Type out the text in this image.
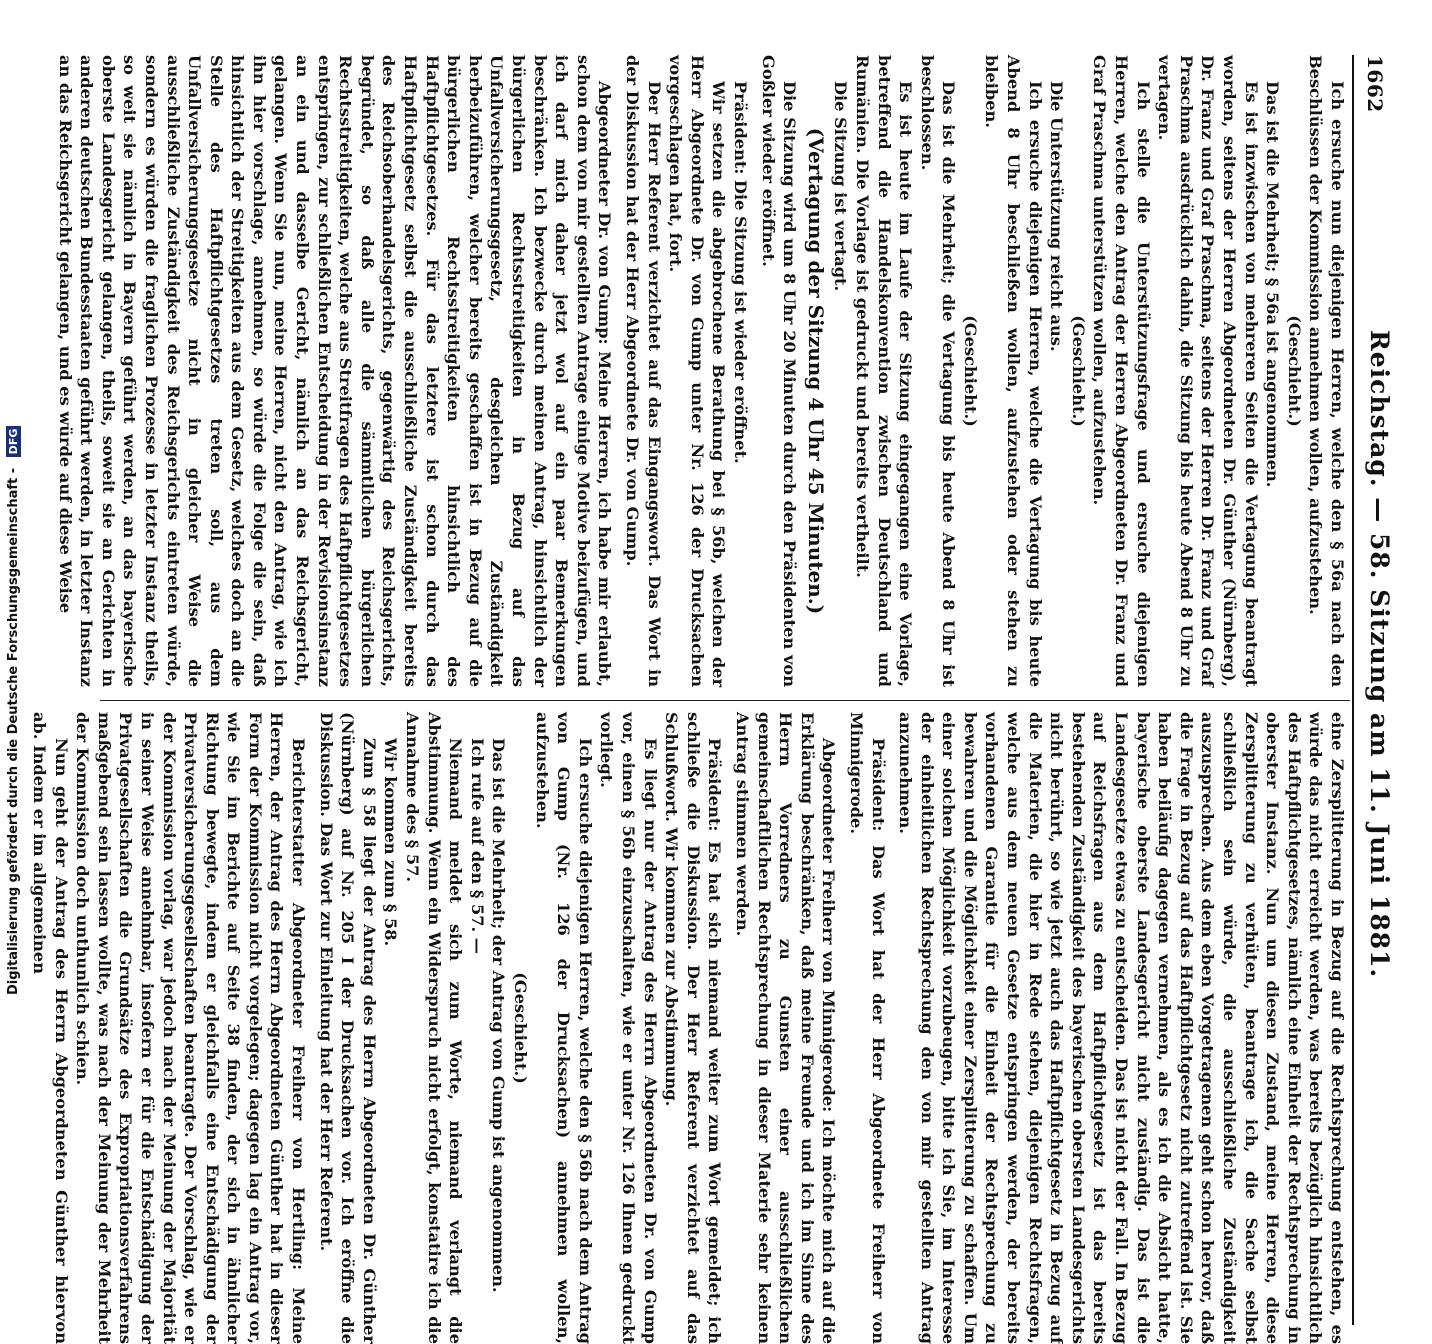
1662
Reichstag. — 58. Sitzung am 11. Juni 1881.

Ich ersuche nun diejenigen Herren, welche den § 56a nach den Beschlüssen der Kommission annehmen wollen, aufzustehen.

(Geschieht.)

Das ist die Mehrheit; § 56a ist angenommen.

Es ist inzwischen von mehreren Seiten die Vertagung beantragt worden, seitens der Herren Abgeordneten Dr. Günther (Nürnberg), Dr. Franz und Graf Praschma, seitens der Herren Dr. Franz und Graf Praschma ausdrücklich dahin, die Sitzung bis heute Abend 8 Uhr zu vertagen.

Ich stelle die Unterstützungsfrage und ersuche diejenigen Herren, welche den Antrag der Herren Abgeordneten Dr. Franz und Graf Praschma unterstützen wollen, aufzustehen.

(Geschieht.)

Die Unterstützung reicht aus.

Ich ersuche diejenigen Herren, welche die Vertagung bis heute Abend 8 Uhr beschließen wollen, aufzustehen oder stehen zu bleiben.

(Geschieht.)

Das ist die Mehrheit; die Vertagung bis heute Abend 8 Uhr ist beschlossen.

Es ist heute im Laufe der Sitzung eingegangen eine Vorlage, betreffend die Handelskonvention zwischen Deutschland und Rumänien. Die Vorlage ist gedruckt und bereits vertheilt.

Die Sitzung ist vertagt.

(Vertagung der Sitzung 4 Uhr 45 Minuten.)

Die Sitzung wird um 8 Uhr 20 Minuten durch den Präsidenten von Goßler wieder eröffnet.

Präsident: Die Sitzung ist wieder eröffnet.

Wir setzen die abgebrochene Berathung bei § 56b, welchen der Herr Abgeordnete Dr. von Gump unter Nr. 126 der Drucksachen vorgeschlagen hat, fort.

Der Herr Referent verzichtet auf das Eingangswort. Das Wort in der Diskussion hat der Herr Abgeordnete Dr. von Gump.

Abgeordneter Dr. von Gump: Meine Herren, ich habe mir erlaubt, schon dem von mir gestellten Antrage einige Motive beizufügen, und ich darf mich daher jetzt wol auf ein paar Bemerkungen beschränken. Ich bezwecke durch meinen Antrag, hinsichtlich der bürgerlichen Rechtsstreitigkeiten in Bezug auf das Unfallversicherungsgesetz, desgleichen Zuständigkeit herbeizuführen, welcher bereits geschaffen ist in Bezug auf die bürgerlichen Rechtsstreitigkeiten hinsichtlich des Haftpflichtgesetzes. Für das letztere ist schon durch das Haftpflichtgesetz selbst die ausschließliche Zuständigkeit bereits des Reichsoberhandelsgerichts, gegenwärtig des Reichsgerichts, begründet, so daß alle die sämmtlichen bürgerlichen Rechtsstreitigkeiten, welche aus Streitfragen des Haftpflichtgesetzes entspringen, zur schließlichen Entscheidung in der Revisionsinstanz an ein und dasselbe Gericht, nämlich an das Reichsgericht, gelangen. Wenn Sie nun, meine Herren, nicht den Antrag, wie ich ihn hier vorschlage, annehmen, so würde die Folge die sein, daß hinsichtlich der Streitigkeiten aus dem Gesetz, welches doch an die Stelle des Haftpflichtgesetzes treten soll, aus dem Unfallversicherungsgesetze nicht in gleicher Weise die ausschließliche Zuständigkeit des Reichsgerichts eintreten würde, sondern es würden die fraglichen Prozesse in letzter Instanz theils, so weit sie nämlich in Bayern geführt werden, an das bayerische oberste Landesgericht gelangen, theils, soweit sie an Gerichten in anderen deutschen Bundesstaaten geführt werden, in letzter Instanz an das Reichsgericht gelangen, und es würde auf diese Weise

eine Zersplitterung in Bezug auf die Rechtsprechung entstehen, es würde das nicht erreicht werden, was bereits bezüglich hinsichtlich des Haftpflichtgesetzes, nämlich eine Einheit der Rechtsprechung in oberster Instanz. Nun um diesen Zustand, meine Herren, diese Zersplitterung zu verhüten, beantrage ich, die Sache selbst schließlich sein würde, die ausschließliche Zuständigkeit auszusprechen. Aus dem eben Vorgetragenen geht schon hervor, daß die Frage in Bezug auf das Haftpflichtgesetz nicht zutreffend ist. Sie haben beiläufig dagegen vernehmen, als es ich die Absicht hatte, bayerische oberste Landesgericht nicht zuständig. Das ist die Landesgesetze etwas zu entscheiden. Das ist nicht der Fall. In Bezug auf Reichsfragen aus dem Haftpflichtgesetz ist das bereits bestehenden Zuständigkeit des bayerischen obersten Landesgerichts nicht berührt, so wie jetzt auch das Haftpflichtgesetz in Bezug auf die Materien, die hier in Rede stehen, diejenigen Rechtsfragen, welche aus dem neuen Gesetze entspringen werden, der bereits vorhandenen Garantie für die Einheit der Rechtsprechung zu bewahren und die Möglichkeit einer Zersplitterung zu schaffen. Um einer solchen Möglichkeit vorzubeugen, bitte ich Sie, im Interesse der einheitlichen Rechtsprechung den von mir gestellten Antrag anzunehmen.

Präsident: Das Wort hat der Herr Abgeordnete Freiherr von Minnigerode.

Abgeordneter Freiherr von Minnigerode: Ich möchte mich auf die Erklärung beschränken, daß meine Freunde und ich im Sinne des Herrn Vorredners zu Gunsten einer ausschließlichen gemeinschaftlichen Rechtsprechung in dieser Materie sehr keinen Antrag stimmen werden.

Präsident: Es hat sich niemand weiter zum Wort gemeldet; ich schließe die Diskussion. Der Herr Referent verzichtet auf das Schlußwort. Wir kommen zur Abstimmung.

Es liegt nur der Antrag des Herrn Abgeordneten Dr. von Gump vor, einen § 56b einzuschalten, wie er unter Nr. 126 Ihnen gedruckt vorliegt.

Ich ersuche diejenigen Herren, welche den § 56b nach dem Antrag von Gump (Nr. 126 der Drucksachen) annehmen wollen, aufzustehen.

(Geschieht.)

Das ist die Mehrheit; der Antrag von Gump ist angenommen.

Ich rufe auf den § 57. —

Niemand meldet sich zum Worte, niemand verlangt die Abstimmung. Wenn ein Widerspruch nicht erfolgt, konstatire ich die Annahme des § 57.

Wir kommen zum § 58.

Zum § 58 liegt der Antrag des Herrn Abgeordneten Dr. Günther (Nürnberg) auf Nr. 205 I der Drucksachen vor. Ich eröffne die Diskussion. Das Wort zur Einleitung hat der Herr Referent.

Berichterstatter Abgeordneter Freiherr von Hertling: Meine Herren, der Antrag des Herrn Abgeordneten Günther hat in dieser Form der Kommission nicht vorgelegen; dagegen lag ein Antrag vor, wie Sie im Berichte auf Seite 38 finden, der sich in ähnlicher Richtung bewegte, indem er gleichfalls eine Entschädigung der Privatversicherungsgesellschaften beantragte. Der Vorschlag, wie er der Kommission vorlag, war jedoch nach der Meinung der Majorität in seiner Weise annehmbar, insofern er für die Entschädigung der Privatgesellschaften die Grundsätze des Expropriationsverfahrens maßgebend sein lassen wollte, was nach der Meinung der Mehrheit der Kommission doch unthunlich schien.

Nun geht der Antrag des Herrn Abgeordneten Günther hiervon ab. Indem er im allgemeinen

Digitalisierung gefördert durch die Deutsche Forschungsgemeinschaft - DFG
